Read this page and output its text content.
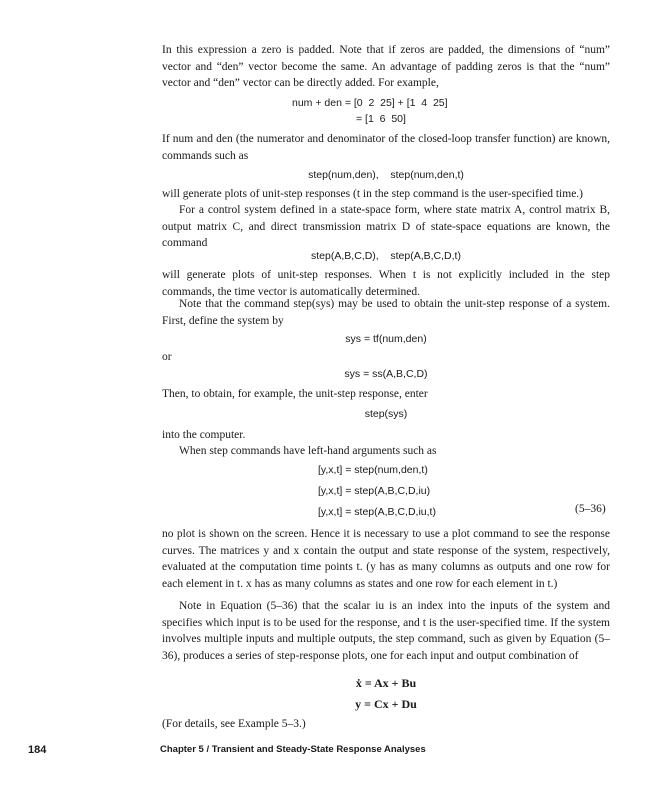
In this expression a zero is padded. Note that if zeros are padded, the dimensions of “num” vector and “den” vector become the same. An advantage of padding zeros is that the “num” vector and “den” vector can be directly added. For example,

num + den = [0  2  25] + [1  4  25]
= [1  6  50]

If num and den (the numerator and denominator of the closed-loop transfer function) are known, commands such as

step(num,den),    step(num,den,t)

will generate plots of unit-step responses (t in the step command is the user-specified time.)

For a control system defined in a state-space form, where state matrix A, control matrix B, output matrix C, and direct transmission matrix D of state-space equations are known, the command

step(A,B,C,D),    step(A,B,C,D,t)

will generate plots of unit-step responses. When t is not explicitly included in the step commands, the time vector is automatically determined.

Note that the command step(sys) may be used to obtain the unit-step response of a system. First, define the system by

sys = tf(num,den)

or

sys = ss(A,B,C,D)

Then, to obtain, for example, the unit-step response, enter

step(sys)

into the computer.

When step commands have left-hand arguments such as

[y,x,t] = step(num,den,t)
[y,x,t] = step(A,B,C,D,iu)
[y,x,t] = step(A,B,C,D,iu,t)	(5–36)

no plot is shown on the screen. Hence it is necessary to use a plot command to see the response curves. The matrices y and x contain the output and state response of the system, respectively, evaluated at the computation time points t. (y has as many columns as outputs and one row for each element in t. x has as many columns as states and one row for each element in t.)

Note in Equation (5–36) that the scalar iu is an index into the inputs of the system and specifies which input is to be used for the response, and t is the user-specified time. If the system involves multiple inputs and multiple outputs, the step command, such as given by Equation (5–36), produces a series of step-response plots, one for each input and output combination of

ẋ = Ax + Bu
y = Cx + Du

(For details, see Example 5–3.)

184	Chapter 5 / Transient and Steady-State Response Analyses
